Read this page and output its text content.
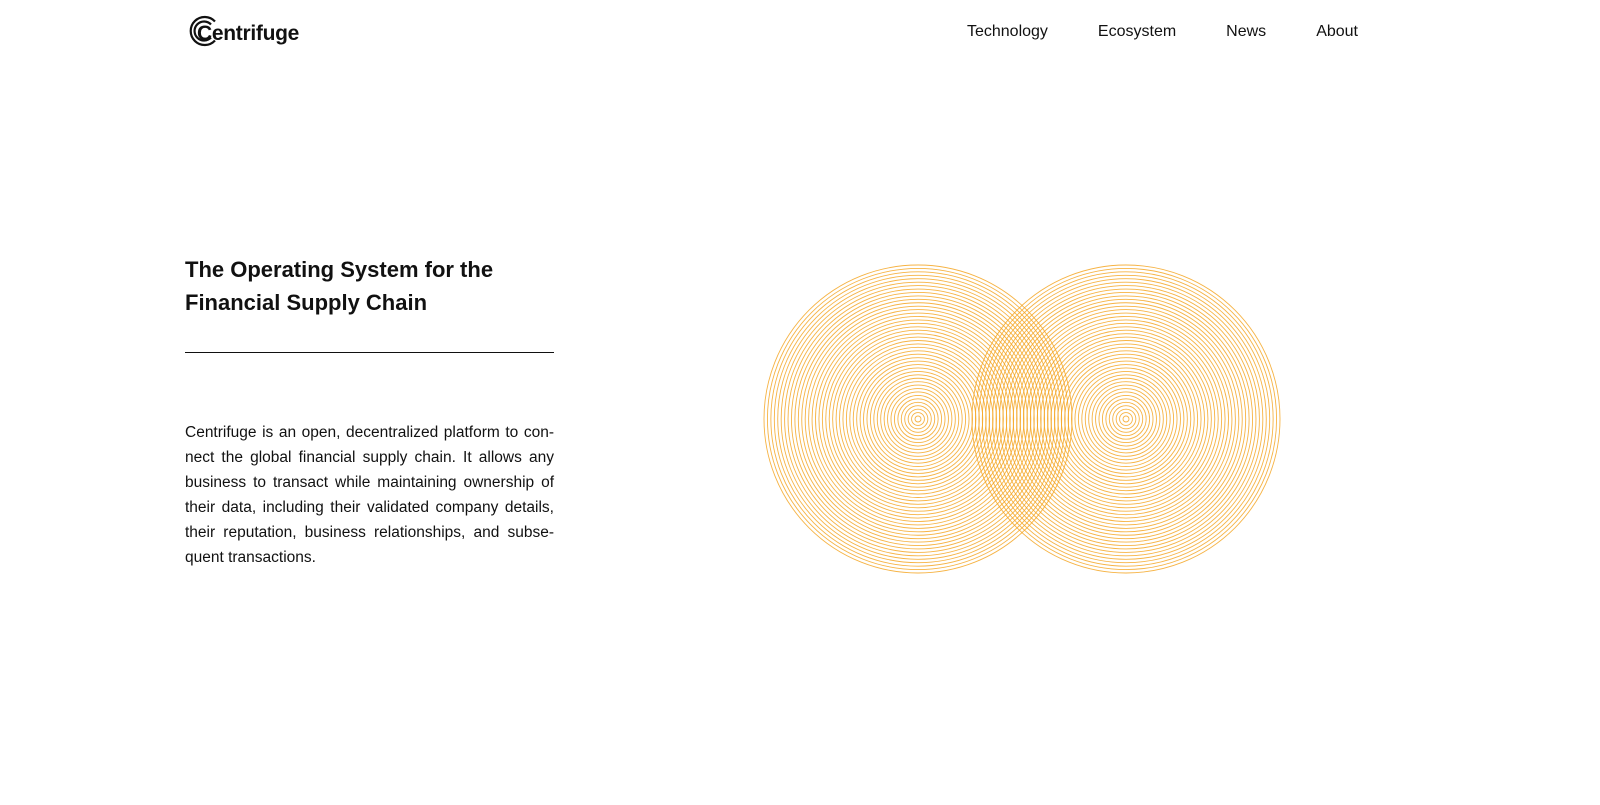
Centrifuge	Technology	Ecosystem	News	About
The Operating System for the
Financial Supply Chain

Centrifuge is an open, decentralized platform to connect the global financial supply chain. It allows any business to transact while maintaining ownership of their data, including their validated company details, their reputation, business relationships, and subsequent transactions.
